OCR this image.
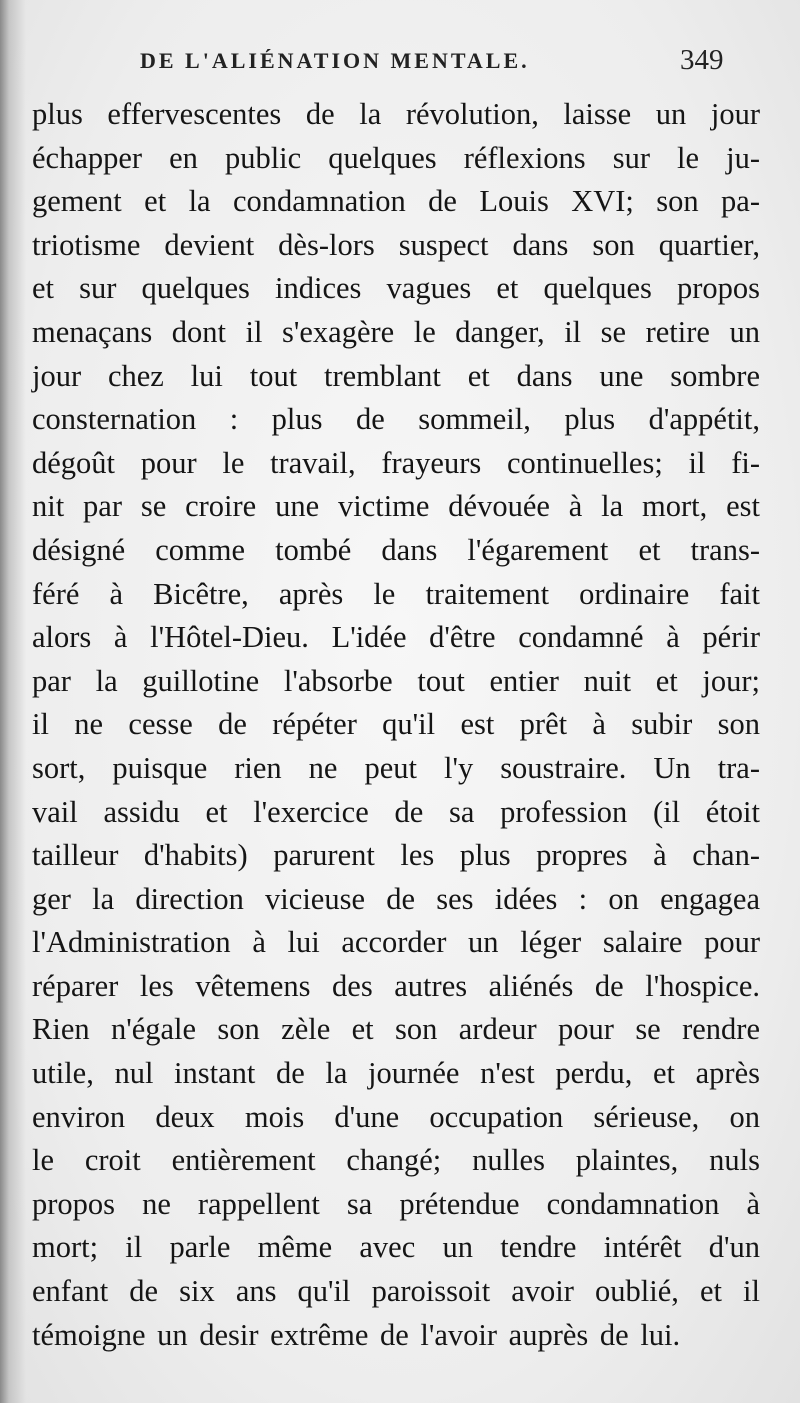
DE L'ALIÉNATION MENTALE.	349
plus effervescentes de la révolution, laisse un jour
échapper en public quelques réflexions sur le ju-
gement et la condamnation de Louis XVI; son pa-
triotisme devient dès-lors suspect dans son quartier,
et sur quelques indices vagues et quelques propos
menaçans dont il s'exagère le danger, il se retire un
jour chez lui tout tremblant et dans une sombre
consternation : plus de sommeil, plus d'appétit,
dégoût pour le travail, frayeurs continuelles; il fi-
nit par se croire une victime dévouée à la mort, est
désigné comme tombé dans l'égarement et trans-
féré à Bicêtre, après le traitement ordinaire fait
alors à l'Hôtel-Dieu. L'idée d'être condamné à périr
par la guillotine l'absorbe tout entier nuit et jour;
il ne cesse de répéter qu'il est prêt à subir son
sort, puisque rien ne peut l'y soustraire. Un tra-
vail assidu et l'exercice de sa profession (il étoit
tailleur d'habits) parurent les plus propres à chan-
ger la direction vicieuse de ses idées : on engagea
l'Administration à lui accorder un léger salaire pour
réparer les vêtemens des autres aliénés de l'hospice.
Rien n'égale son zèle et son ardeur pour se rendre
utile, nul instant de la journée n'est perdu, et après
environ deux mois d'une occupation sérieuse, on
le croit entièrement changé; nulles plaintes, nuls
propos ne rappellent sa prétendue condamnation à
mort; il parle même avec un tendre intérêt d'un
enfant de six ans qu'il paroissoit avoir oublié, et il
témoigne un desir extrême de l'avoir auprès de lui.
